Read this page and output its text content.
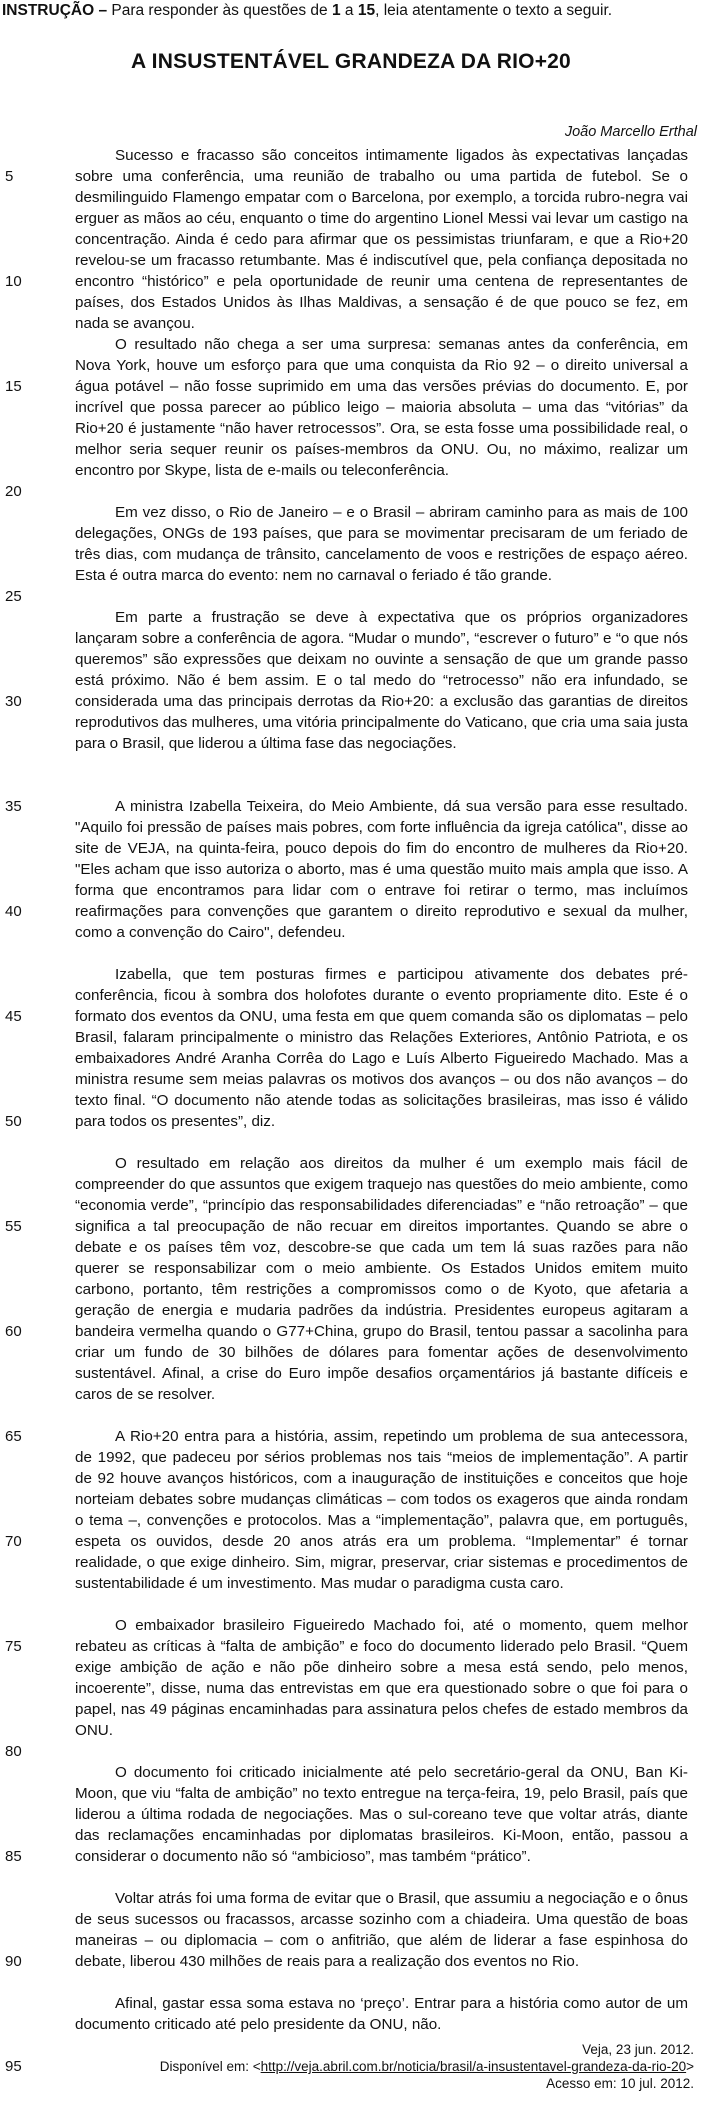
INSTRUÇÃO – Para responder às questões de 1 a 15, leia atentamente o texto a seguir.
A INSUSTENTÁVEL GRANDEZA DA RIO+20
João Marcello Erthal
5
10
15
20
25
30
35
40
45
50
55
60
65
70
75
80
85
90
95

Sucesso e fracasso são conceitos intimamente ligados às expectativas lançadas sobre uma conferência, uma reunião de trabalho ou uma partida de futebol. Se o desmilinguido Flamengo empatar com o Barcelona, por exemplo, a torcida rubro-negra vai erguer as mãos ao céu, enquanto o time do argentino Lionel Messi vai levar um castigo na concentração. Ainda é cedo para afirmar que os pessimistas triunfaram, e que a Rio+20 revelou-se um fracasso retumbante. Mas é indiscutível que, pela confiança depositada no encontro “histórico” e pela oportunidade de reunir uma centena de representantes de países, dos Estados Unidos às Ilhas Maldivas, a sensação é de que pouco se fez, em nada se avançou.

O resultado não chega a ser uma surpresa: semanas antes da conferência, em Nova York, houve um esforço para que uma conquista da Rio 92 – o direito universal a água potável – não fosse suprimido em uma das versões prévias do documento. E, por incrível que possa parecer ao público leigo – maioria absoluta – uma das “vitórias” da Rio+20 é justamente “não haver retrocessos”. Ora, se esta fosse uma possibilidade real, o melhor seria sequer reunir os países-membros da ONU. Ou, no máximo, realizar um encontro por Skype, lista de e-mails ou teleconferência.

Em vez disso, o Rio de Janeiro – e o Brasil – abriram caminho para as mais de 100 delegações, ONGs de 193 países, que para se movimentar precisaram de um feriado de três dias, com mudança de trânsito, cancelamento de voos e restrições de espaço aéreo. Esta é outra marca do evento: nem no carnaval o feriado é tão grande.

Em parte a frustração se deve à expectativa que os próprios organizadores lançaram sobre a conferência de agora. “Mudar o mundo”, “escrever o futuro” e “o que nós queremos” são expressões que deixam no ouvinte a sensação de que um grande passo está próximo. Não é bem assim. E o tal medo do “retrocesso” não era infundado, se considerada uma das principais derrotas da Rio+20: a exclusão das garantias de direitos reprodutivos das mulheres, uma vitória principalmente do Vaticano, que cria uma saia justa para o Brasil, que liderou a última fase das negociações.

A ministra Izabella Teixeira, do Meio Ambiente, dá sua versão para esse resultado. "Aquilo foi pressão de países mais pobres, com forte influência da igreja católica", disse ao site de VEJA, na quinta-feira, pouco depois do fim do encontro de mulheres da Rio+20. "Eles acham que isso autoriza o aborto, mas é uma questão muito mais ampla que isso. A forma que encontramos para lidar com o entrave foi retirar o termo, mas incluímos reafirmações para convenções que garantem o direito reprodutivo e sexual da mulher, como a convenção do Cairo", defendeu.

Izabella, que tem posturas firmes e participou ativamente dos debates pré-conferência, ficou à sombra dos holofotes durante o evento propriamente dito. Este é o formato dos eventos da ONU, uma festa em que quem comanda são os diplomatas – pelo Brasil, falaram principalmente o ministro das Relações Exteriores, Antônio Patriota, e os embaixadores André Aranha Corrêa do Lago e Luís Alberto Figueiredo Machado. Mas a ministra resume sem meias palavras os motivos dos avanços – ou dos não avanços – do texto final. “O documento não atende todas as solicitações brasileiras, mas isso é válido para todos os presentes”, diz.

O resultado em relação aos direitos da mulher é um exemplo mais fácil de compreender do que assuntos que exigem traquejo nas questões do meio ambiente, como “economia verde”, “princípio das responsabilidades diferenciadas” e “não retroação” – que significa a tal preocupação de não recuar em direitos importantes. Quando se abre o debate e os países têm voz, descobre-se que cada um tem lá suas razões para não querer se responsabilizar com o meio ambiente. Os Estados Unidos emitem muito carbono, portanto, têm restrições a compromissos como o de Kyoto, que afetaria a geração de energia e mudaria padrões da indústria. Presidentes europeus agitaram a bandeira vermelha quando o G77+China, grupo do Brasil, tentou passar a sacolinha para criar um fundo de 30 bilhões de dólares para fomentar ações de desenvolvimento sustentável. Afinal, a crise do Euro impõe desafios orçamentários já bastante difíceis e caros de se resolver.

A Rio+20 entra para a história, assim, repetindo um problema de sua antecessora, de 1992, que padeceu por sérios problemas nos tais “meios de implementação”. A partir de 92 houve avanços históricos, com a inauguração de instituições e conceitos que hoje norteiam debates sobre mudanças climáticas – com todos os exageros que ainda rondam o tema –, convenções e protocolos. Mas a “implementação”, palavra que, em português, espeta os ouvidos, desde 20 anos atrás era um problema. “Implementar” é tornar realidade, o que exige dinheiro. Sim, migrar, preservar, criar sistemas e procedimentos de sustentabilidade é um investimento. Mas mudar o paradigma custa caro.

O embaixador brasileiro Figueiredo Machado foi, até o momento, quem melhor rebateu as críticas à “falta de ambição” e foco do documento liderado pelo Brasil. “Quem exige ambição de ação e não põe dinheiro sobre a mesa está sendo, pelo menos, incoerente”, disse, numa das entrevistas em que era questionado sobre o que foi para o papel, nas 49 páginas encaminhadas para assinatura pelos chefes de estado membros da ONU.

O documento foi criticado inicialmente até pelo secretário-geral da ONU, Ban Ki-Moon, que viu “falta de ambição” no texto entregue na terça-feira, 19, pelo Brasil, país que liderou a última rodada de negociações. Mas o sul-coreano teve que voltar atrás, diante das reclamações encaminhadas por diplomatas brasileiros. Ki-Moon, então, passou a considerar o documento não só “ambicioso”, mas também “prático”.

Voltar atrás foi uma forma de evitar que o Brasil, que assumiu a negociação e o ônus de seus sucessos ou fracassos, arcasse sozinho com a chiadeira. Uma questão de boas maneiras – ou diplomacia – com o anfitrião, que além de liderar a fase espinhosa do debate, liberou 430 milhões de reais para a realização dos eventos no Rio.

Afinal, gastar essa soma estava no ‘preço’. Entrar para a história como autor de um documento criticado até pelo presidente da ONU, não.

Veja, 23 jun. 2012.
Disponível em: <http://veja.abril.com.br/noticia/brasil/a-insustentavel-grandeza-da-rio-20>
Acesso em: 10 jul. 2012.
